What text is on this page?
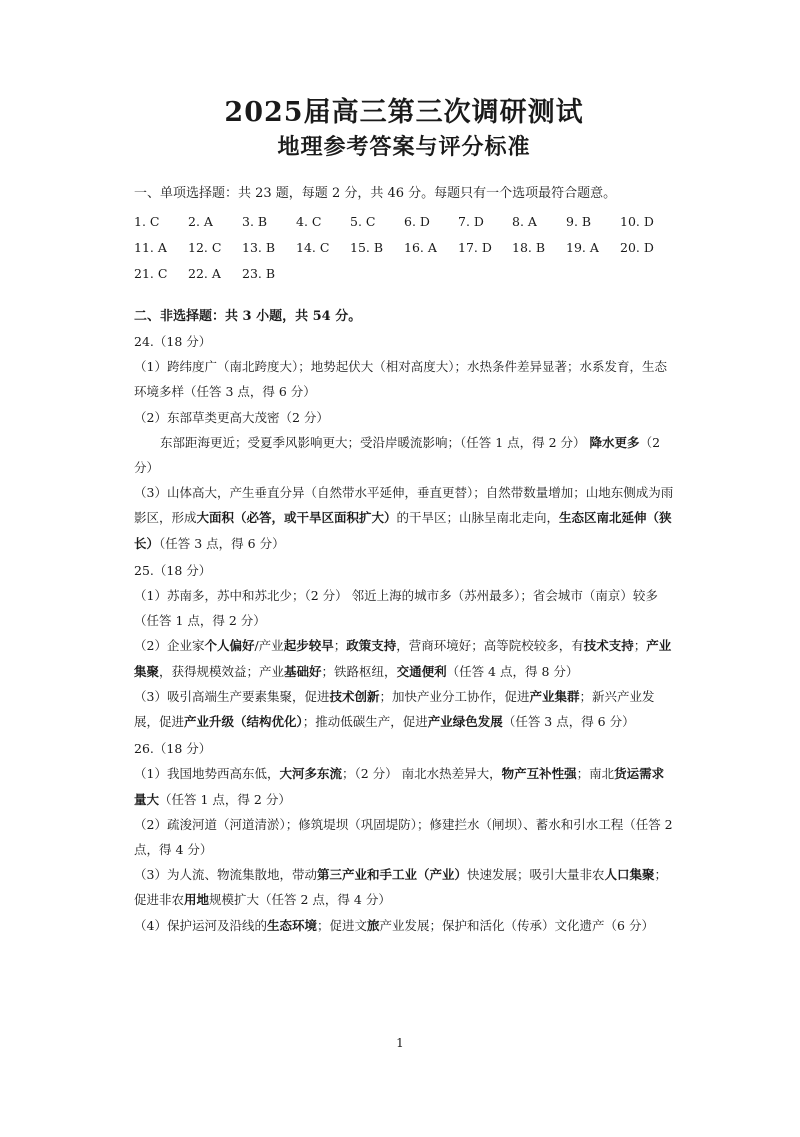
2025届高三第三次调研测试
地理参考答案与评分标准
一、单项选择题：共 23 题，每题 2 分，共 46 分。每题只有一个选项最符合题意。
1. C	2. A	3. B	4. C	5. C	6. D	7. D	8. A	9. B	10. D
11. A	12. C	13. B	14. C	15. B	16. A	17. D	18. B	19. A	20. D
21. C	22. A	23. B
二、非选择题：共 3 小题，共 54 分。
24.（18 分）
（1）跨纬度广（南北跨度大）；地势起伏大（相对高度大）；水热条件差异显著；水系发育，生态环境多样（任答 3 点，得 6 分）
（2）东部草类更高大茂密（2 分）
东部距海更近；受夏季风影响更大；受沿岸暖流影响；（任答 1 点，得 2 分） 降水更多（2 分）
（3）山体高大，产生垂直分异（自然带水平延伸，垂直更替）；自然带数量增加；山地东侧成为雨影区，形成大面积（必答，或干旱区面积扩大）的干旱区；山脉呈南北走向，生态区南北延伸（狭长）（任答 3 点，得 6 分）
25.（18 分）
（1）苏南多，苏中和苏北少；（2 分） 邻近上海的城市多（苏州最多）；省会城市（南京）较多（任答 1 点，得 2 分）
（2）企业家个人偏好/产业起步较早；政策支持，营商环境好；高等院校较多，有技术支持；产业集聚，获得规模效益；产业基础好；铁路枢纽，交通便利（任答 4 点，得 8 分）
（3）吸引高端生产要素集聚，促进技术创新；加快产业分工协作，促进产业集群；新兴产业发展，促进产业升级（结构优化）；推动低碳生产，促进产业绿色发展（任答 3 点，得 6 分）
26.（18 分）
（1）我国地势西高东低，大河多东流；（2 分） 南北水热差异大，物产互补性强；南北货运需求量大（任答 1 点，得 2 分）
（2）疏浚河道（河道清淤）；修筑堤坝（巩固堤防）；修建拦水（闸坝）、蓄水和引水工程（任答 2 点，得 4 分）
（3）为人流、物流集散地，带动第三产业和手工业（产业）快速发展；吸引大量非农人口集聚；促进非农用地规模扩大（任答 2 点，得 4 分）
（4）保护运河及沿线的生态环境；促进文旅产业发展；保护和活化（传承）文化遗产（6 分）
1
